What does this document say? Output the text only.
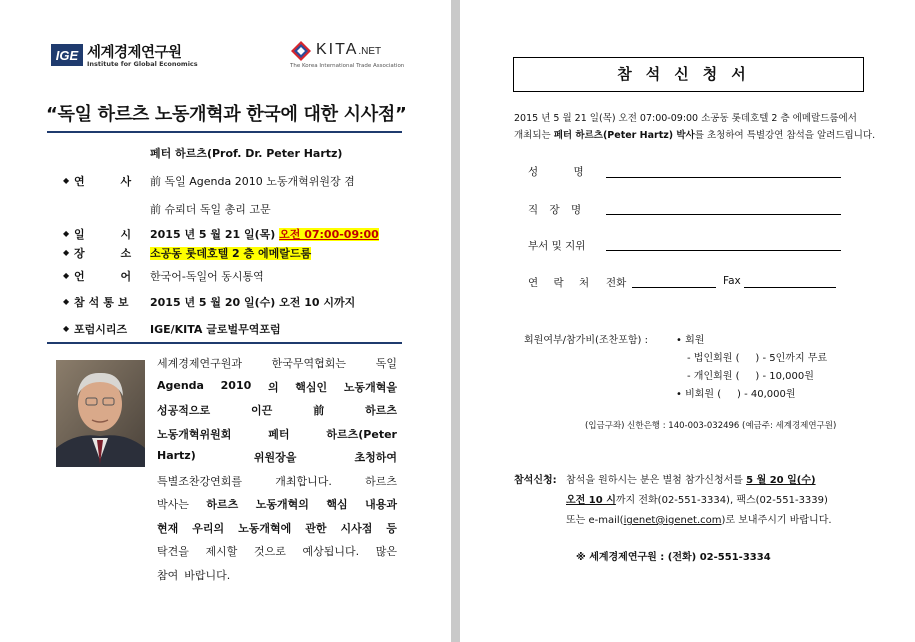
IGE 세계경제연구원
Institute for Global Economics
KITA.NET
The Korea International Trade Association
“독일 하르츠 노동개혁과 한국에 대한 시사점”
페터 하르츠(Prof. Dr. Peter Hartz)
◆ 연 사 前 독일 Agenda 2010 노동개혁위원장 겸
前 슈뢰더 독일 총리 고문
◆ 일 시 2015 년 5 월 21 일(목) 오전 07:00-09:00
◆ 장 소 소공동 롯데호텔 2 층 에메랄드룸
◆ 언 어 한국어-독일어 동시통역
◆ 참석통보 2015 년 5 월 20 일(수) 오전 10 시까지
◆ 포럼시리즈 IGE/KITA 글로벌무역포럼
세계경제연구원과	한국무역협회는	독일
Agenda 2010 의 핵심인 노동개혁을
성공적으로	이끈	前	하르츠
노동개혁위원회	페터	하르츠(Peter
Hartz)	위원장을	초청하여
특별조찬강연회를	개최합니다.	하르츠
박사는 하르츠 노동개혁의 핵심 내용과
현재 우리의 노동개혁에 관한 시사점 등
탁견을 제시할 것으로 예상됩니다. 많은
참여 바랍니다.
참석신청서
2015 년 5 월 21 일(목) 오전 07:00-09:00 소공동 롯데호텔 2 층 에메랄드룸에서
개최되는 페터 하르츠(Peter Hartz) 박사를 초청하여 특별강연 참석을 알려드립니다.
성 명
직 장 명
부서 및 지위
연 락 처 전화	Fax
회원여부/참가비(조찬포함) :	• 회원
- 법인회원 (     ) - 5인까지 무료
- 개인회원 (     ) - 10,000원
• 비회원 (     ) - 40,000원
(입금구좌) 신한은행 : 140-003-032496 (예금주: 세계경제연구원)
참석신청: 참석을 원하시는 분은 별첨 참가신청서를 5 월 20 일(수)
오전 10 시까지 전화(02-551-3334), 팩스(02-551-3339)
또는 e-mail(igenet@igenet.com)로 보내주시기 바랍니다.
※ 세계경제연구원 : (전화) 02-551-3334
